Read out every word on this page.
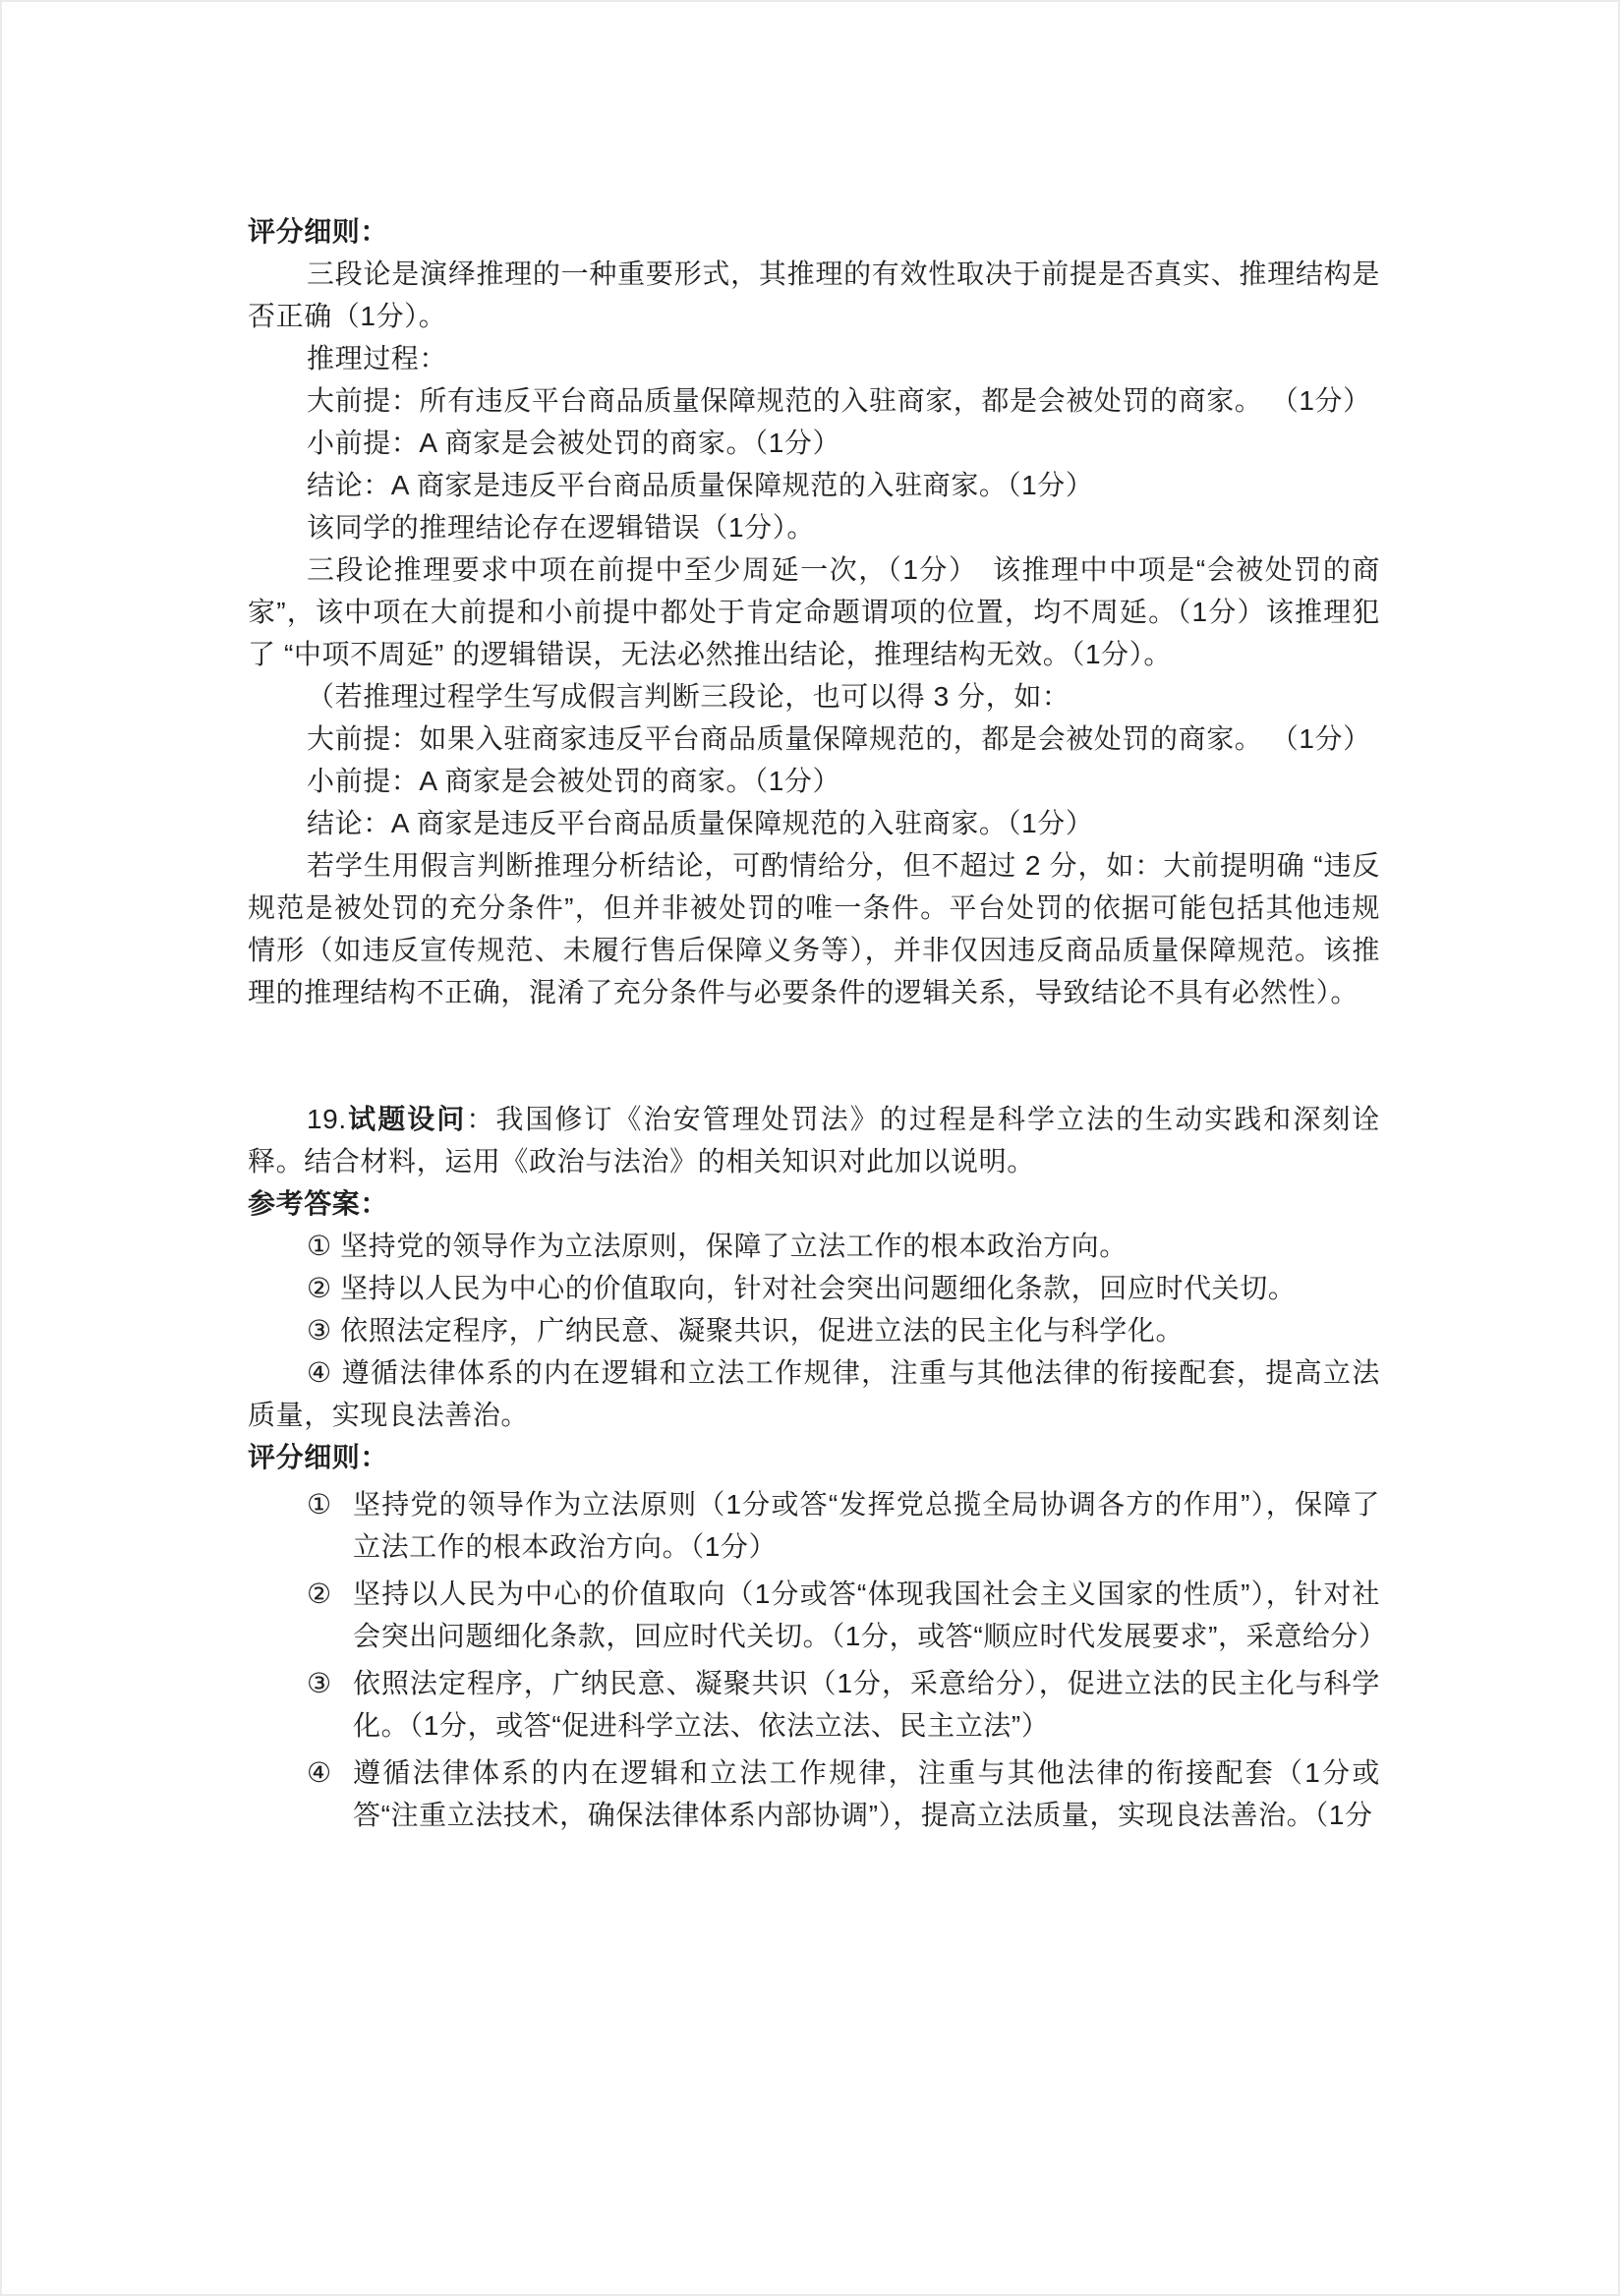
评分细则：
三段论是演绎推理的一种重要形式，其推理的有效性取决于前提是否真实、推理结构是否正确（1分）。
推理过程：
大前提：所有违反平台商品质量保障规范的入驻商家，都是会被处罚的商家。 （1分）
小前提：A 商家是会被处罚的商家。（1分）
结论：A 商家是违反平台商品质量保障规范的入驻商家。（1分）
该同学的推理结论存在逻辑错误（1分）。
三段论推理要求中项在前提中至少周延一次，（1分）　该推理中中项是“会被处罚的商家”，该中项在大前提和小前提中都处于肯定命题谓项的位置，均不周延。（1分）该推理犯了 “中项不周延” 的逻辑错误，无法必然推出结论，推理结构无效。（1分）。
（若推理过程学生写成假言判断三段论，也可以得 3 分，如：
大前提：如果入驻商家违反平台商品质量保障规范的，都是会被处罚的商家。 （1分）
小前提：A 商家是会被处罚的商家。（1分）
结论：A 商家是违反平台商品质量保障规范的入驻商家。（1分）
若学生用假言判断推理分析结论，可酌情给分，但不超过 2 分，如：大前提明确 “违反规范是被处罚的充分条件”，但并非被处罚的唯一条件。平台处罚的依据可能包括其他违规情形（如违反宣传规范、未履行售后保障义务等），并非仅因违反商品质量保障规范。该推理的推理结构不正确，混淆了充分条件与必要条件的逻辑关系，导致结论不具有必然性）。
19.试题设问：我国修订《治安管理处罚法》的过程是科学立法的生动实践和深刻诠释。结合材料，运用《政治与法治》的相关知识对此加以说明。
参考答案：
① 坚持党的领导作为立法原则，保障了立法工作的根本政治方向。
② 坚持以人民为中心的价值取向，针对社会突出问题细化条款，回应时代关切。
③ 依照法定程序，广纳民意、凝聚共识，促进立法的民主化与科学化。
④ 遵循法律体系的内在逻辑和立法工作规律，注重与其他法律的衔接配套，提高立法质量，实现良法善治。
评分细则：
① 坚持党的领导作为立法原则（1分或答“发挥党总揽全局协调各方的作用”），保障了立法工作的根本政治方向。（1分）
② 坚持以人民为中心的价值取向（1分或答“体现我国社会主义国家的性质”），针对社会突出问题细化条款，回应时代关切。（1分，或答“顺应时代发展要求”，采意给分）
③ 依照法定程序，广纳民意、凝聚共识（1分，采意给分），促进立法的民主化与科学化。（1分，或答“促进科学立法、依法立法、民主立法”）
④ 遵循法律体系的内在逻辑和立法工作规律，注重与其他法律的衔接配套（1分或答“注重立法技术，确保法律体系内部协调”），提高立法质量，实现良法善治。（1分
